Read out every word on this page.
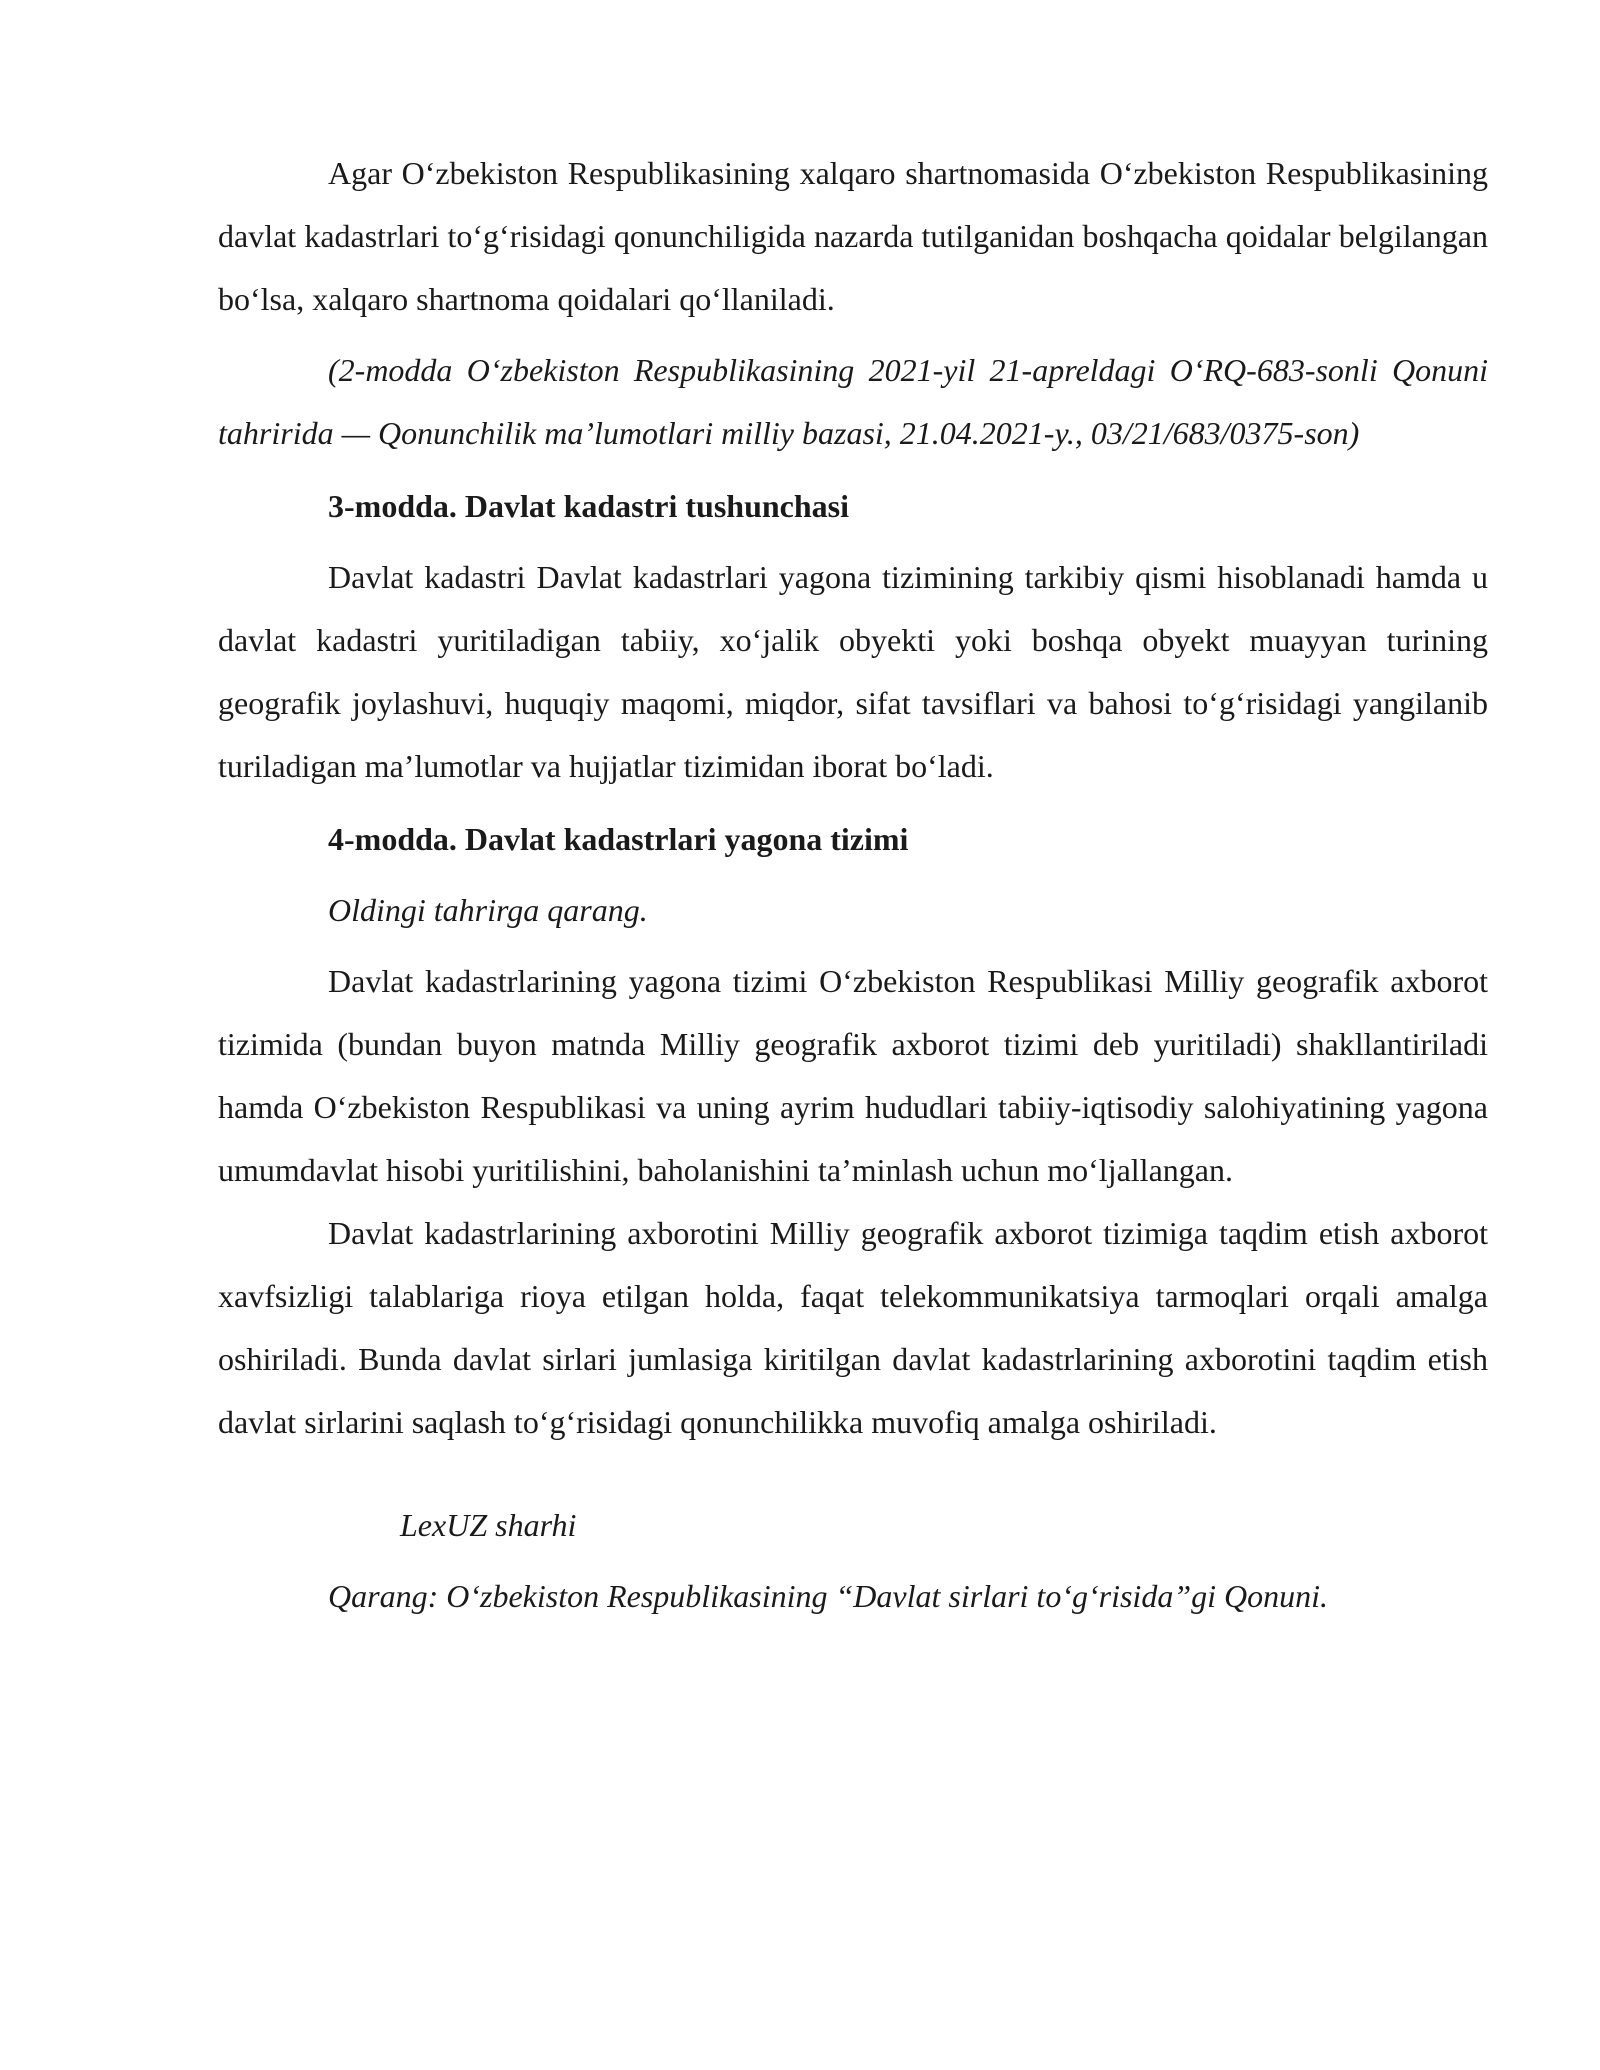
Agar O‘zbekiston Respublikasining xalqaro shartnomasida O‘zbekiston Respublikasining davlat kadastrlari to‘g‘risidagi qonunchiligida nazarda tutilganidan boshqacha qoidalar belgilangan bo‘lsa, xalqaro shartnoma qoidalari qo‘llaniladi.

(2-modda O‘zbekiston Respublikasining 2021-yil 21-apreldagi O‘RQ-683-sonli Qonuni tahririda — Qonunchilik ma’lumotlari milliy bazasi, 21.04.2021-y., 03/21/683/0375-son)

3-modda. Davlat kadastri tushunchasi

Davlat kadastri Davlat kadastrlari yagona tizimining tarkibiy qismi hisoblanadi hamda u davlat kadastri yuritiladigan tabiiy, xo‘jalik obyekti yoki boshqa obyekt muayyan turining geografik joylashuvi, huquqiy maqomi, miqdor, sifat tavsiflari va bahosi to‘g‘risidagi yangilanib turiladigan ma’lumotlar va hujjatlar tizimidan iborat bo‘ladi.

4-modda. Davlat kadastrlari yagona tizimi

Oldingi tahrirga qarang.

Davlat kadastrlarining yagona tizimi O‘zbekiston Respublikasi Milliy geografik axborot tizimida (bundan buyon matnda Milliy geografik axborot tizimi deb yuritiladi) shakllantiriladi hamda O‘zbekiston Respublikasi va uning ayrim hududlari tabiiy-iqtisodiy salohiyatining yagona umumdavlat hisobi yuritilishini, baholanishini ta’minlash uchun mo‘ljallangan.

Davlat kadastrlarining axborotini Milliy geografik axborot tizimiga taqdim etish axborot xavfsizligi talablariga rioya etilgan holda, faqat telekommunikatsiya tarmoqlari orqali amalga oshiriladi. Bunda davlat sirlari jumlasiga kiritilgan davlat kadastrlarining axborotini taqdim etish davlat sirlarini saqlash to‘g‘risidagi qonunchilikka muvofiq amalga oshiriladi.

LexUZ sharhi

Qarang: O‘zbekiston Respublikasining “Davlat sirlari to‘g‘risida”gi Qonuni.
